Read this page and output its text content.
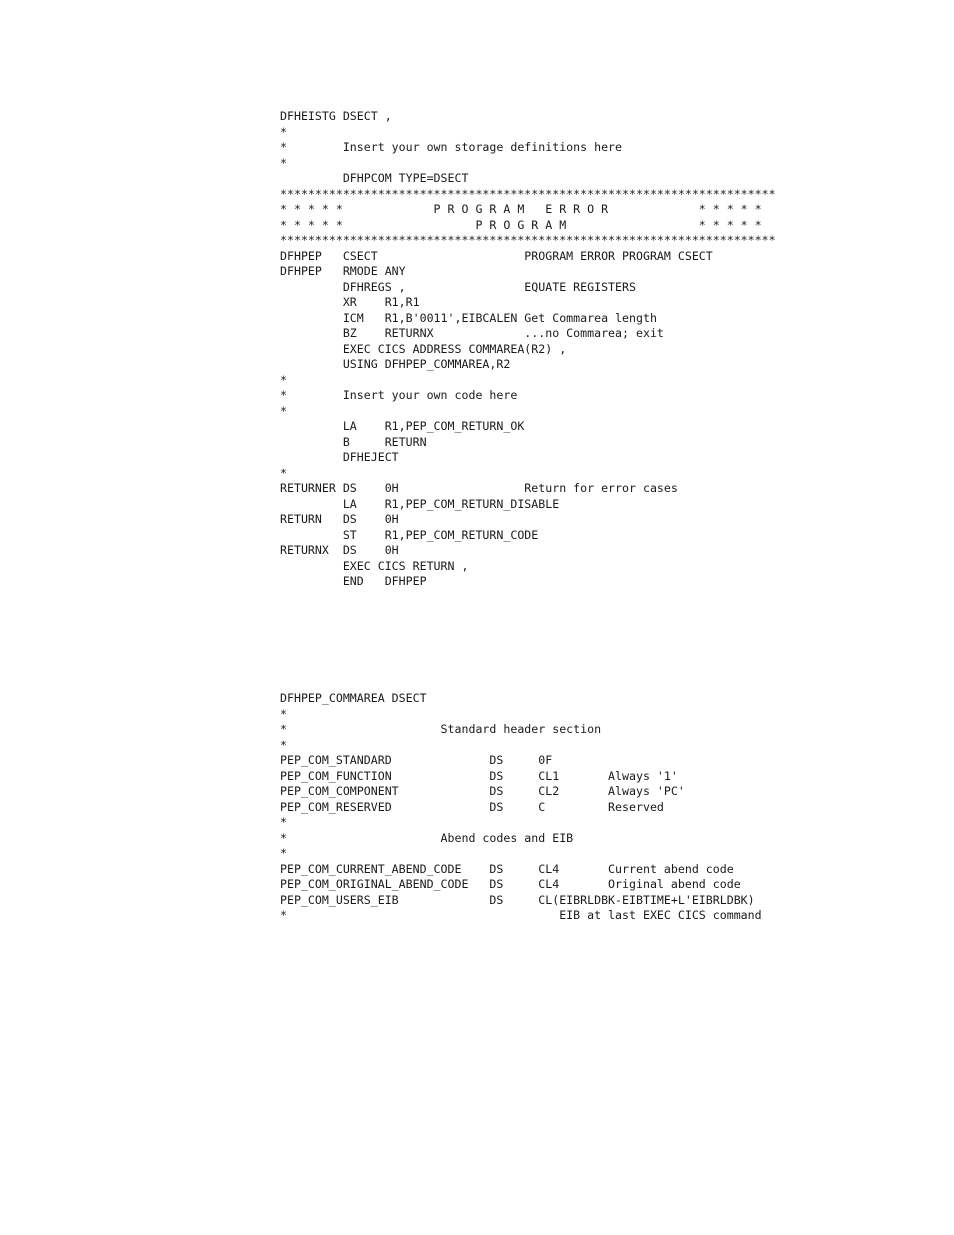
DFHEISTG DSECT ,
*
*        Insert your own storage definitions here
*
DFHPCOM TYPE=DSECT
***********************************************************************
* * * * *             P R O G R A M   E R R O R             * * * * *
* * * * *                   P R O G R A M                   * * * * *
***********************************************************************
DFHPEP   CSECT                     PROGRAM ERROR PROGRAM CSECT
DFHPEP   RMODE ANY
DFHREGS ,                 EQUATE REGISTERS
XR    R1,R1
ICM   R1,B'0011',EIBCALEN Get Commarea length
BZ    RETURNX             ...no Commarea; exit
EXEC CICS ADDRESS COMMAREA(R2) ,
USING DFHPEP_COMMAREA,R2
*
*        Insert your own code here
*
LA    R1,PEP_COM_RETURN_OK
B     RETURN
DFHEJECT
*
RETURNER DS    0H                  Return for error cases
LA    R1,PEP_COM_RETURN_DISABLE
RETURN   DS    0H
ST    R1,PEP_COM_RETURN_CODE
RETURNX  DS    0H
EXEC CICS RETURN ,
END   DFHPEP
DFHPEP_COMMAREA DSECT
*
*                      Standard header section
*
PEP_COM_STANDARD              DS     0F
PEP_COM_FUNCTION              DS     CL1       Always '1'
PEP_COM_COMPONENT             DS     CL2       Always 'PC'
PEP_COM_RESERVED              DS     C         Reserved
*
*                      Abend codes and EIB
*
PEP_COM_CURRENT_ABEND_CODE    DS     CL4       Current abend code
PEP_COM_ORIGINAL_ABEND_CODE   DS     CL4       Original abend code
PEP_COM_USERS_EIB             DS     CL(EIBRLDBK-EIBTIME+L'EIBRLDBK)
*                                       EIB at last EXEC CICS command
